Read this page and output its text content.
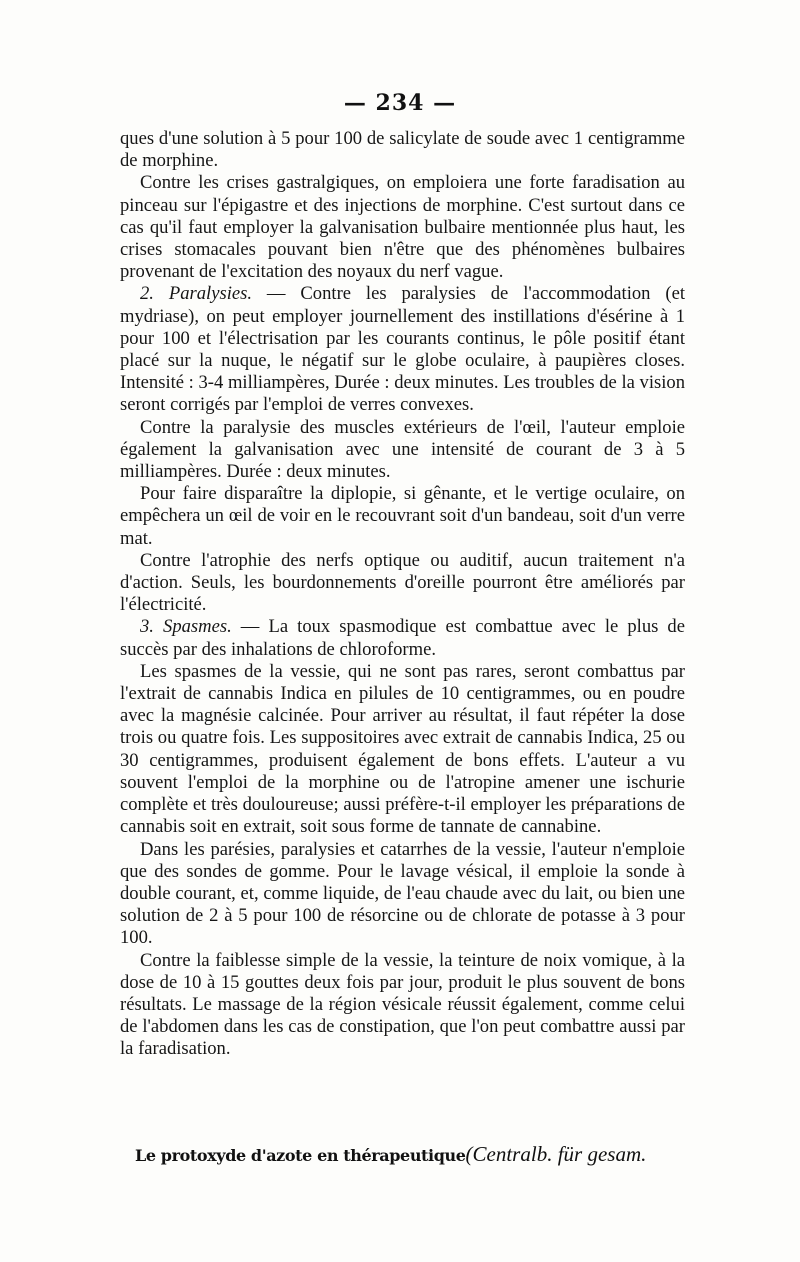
— 234 —

ques d'une solution à 5 pour 100 de salicylate de soude avec 1 centigramme de morphine.

Contre les crises gastralgiques, on emploiera une forte faradisation au pinceau sur l'épigastre et des injections de morphine. C'est surtout dans ce cas qu'il faut employer la galvanisation bulbaire mentionnée plus haut, les crises stomacales pouvant bien n'être que des phénomènes bulbaires provenant de l'excitation des noyaux du nerf vague.

2. Paralysies. — Contre les paralysies de l'accommodation (et mydriase), on peut employer journellement des instillations d'ésérine à 1 pour 100 et l'électrisation par les courants continus, le pôle positif étant placé sur la nuque, le négatif sur le globe oculaire, à paupières closes. Intensité : 3-4 milliampères, Durée : deux minutes. Les troubles de la vision seront corrigés par l'emploi de verres convexes.

Contre la paralysie des muscles extérieurs de l'œil, l'auteur emploie également la galvanisation avec une intensité de courant de 3 à 5 milliampères. Durée : deux minutes.

Pour faire disparaître la diplopie, si gênante, et le vertige oculaire, on empêchera un œil de voir en le recouvrant soit d'un bandeau, soit d'un verre mat.

Contre l'atrophie des nerfs optique ou auditif, aucun traitement n'a d'action. Seuls, les bourdonnements d'oreille pourront être améliorés par l'électricité.

3. Spasmes. — La toux spasmodique est combattue avec le plus de succès par des inhalations de chloroforme.

Les spasmes de la vessie, qui ne sont pas rares, seront combattus par l'extrait de cannabis Indica en pilules de 10 centigrammes, ou en poudre avec la magnésie calcinée. Pour arriver au résultat, il faut répéter la dose trois ou quatre fois. Les suppositoires avec extrait de cannabis Indica, 25 ou 30 centigrammes, produisent également de bons effets. L'auteur a vu souvent l'emploi de la morphine ou de l'atropine amener une ischurie complète et très douloureuse; aussi préfère-t-il employer les préparations de cannabis soit en extrait, soit sous forme de tannate de cannabine.

Dans les parésies, paralysies et catarrhes de la vessie, l'auteur n'emploie que des sondes de gomme. Pour le lavage vésical, il emploie la sonde à double courant, et, comme liquide, de l'eau chaude avec du lait, ou bien une solution de 2 à 5 pour 100 de résorcine ou de chlorate de potasse à 3 pour 100.

Contre la faiblesse simple de la vessie, la teinture de noix vomique, à la dose de 10 à 15 gouttes deux fois par jour, produit le plus souvent de bons résultats. Le massage de la région vésicale réussit également, comme celui de l'abdomen dans les cas de constipation, que l'on peut combattre aussi par la faradisation.

Le protoxyde d'azote en thérapeutique(Centralb. für gesam.
